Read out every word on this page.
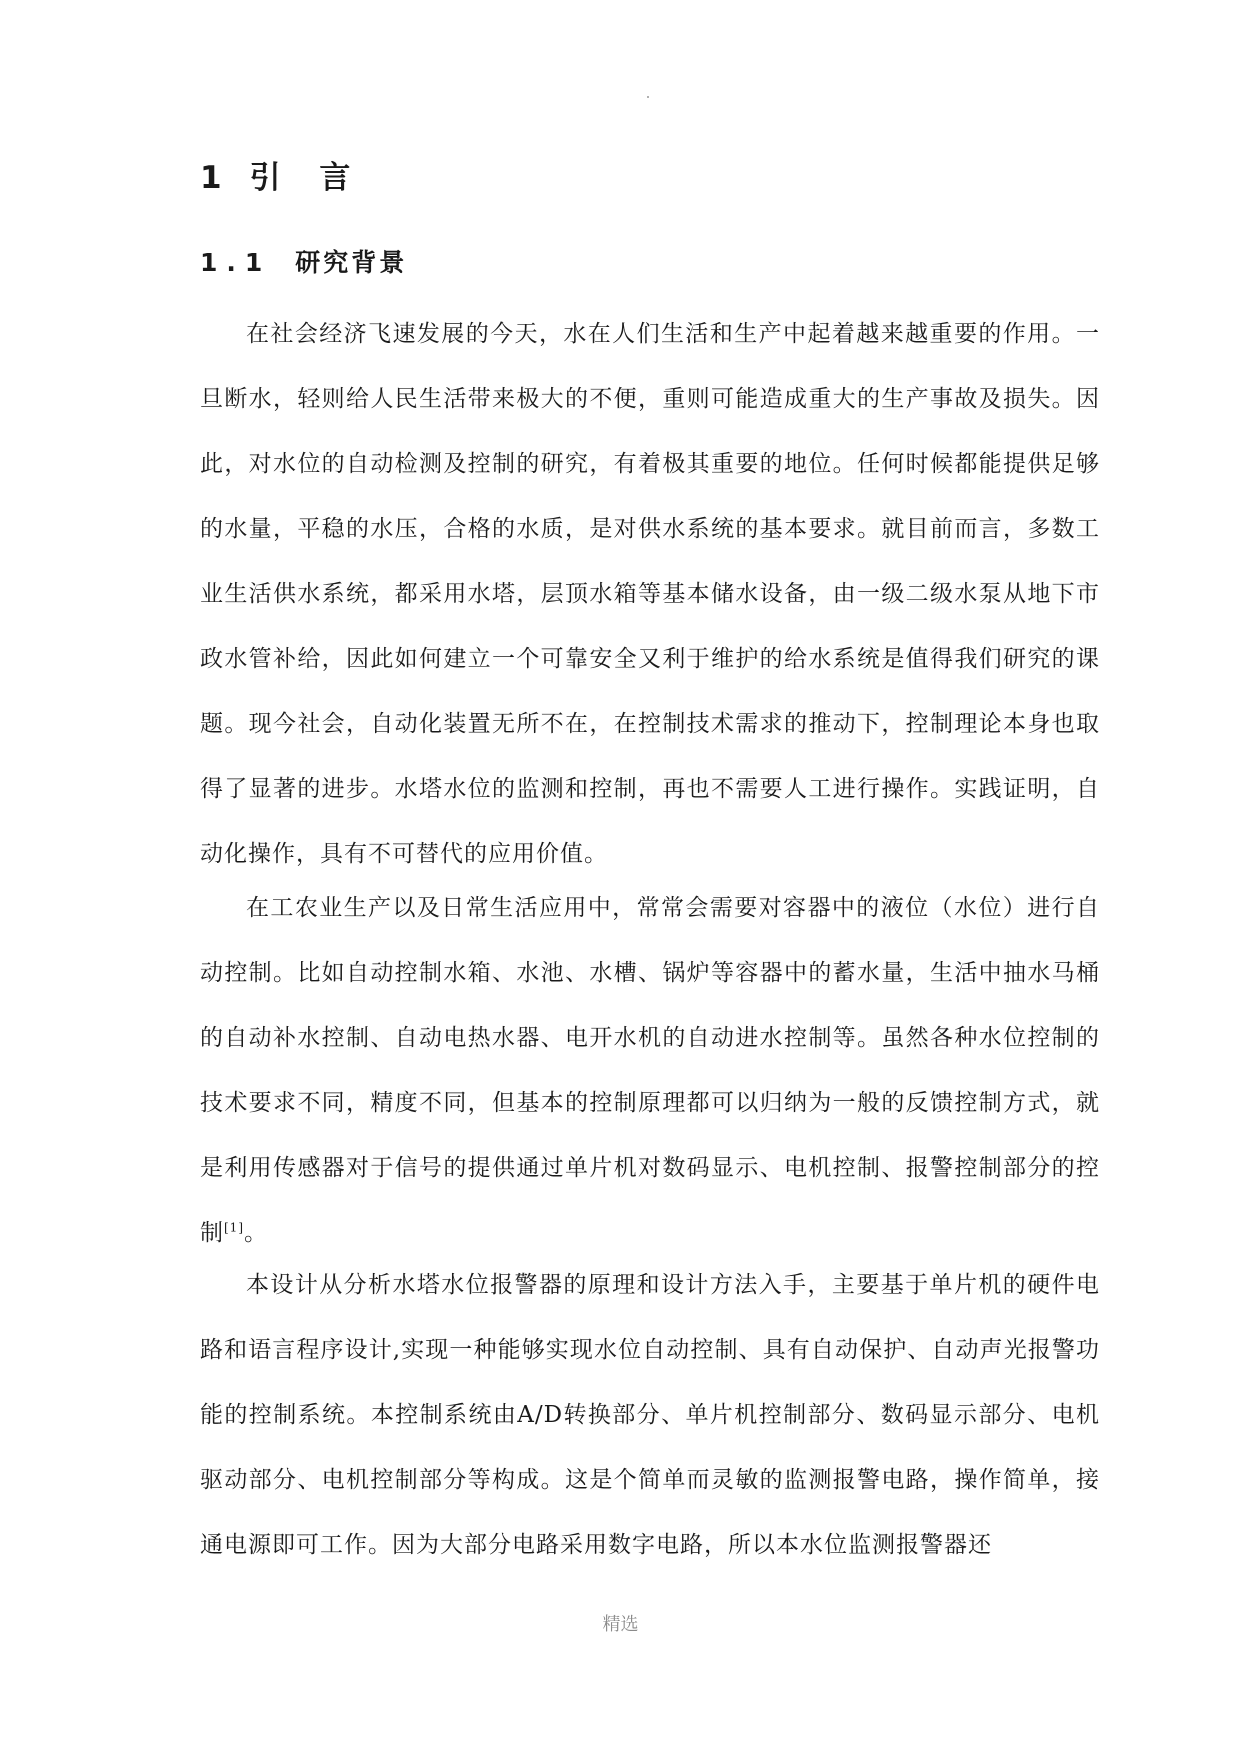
1 引 言
1.1 研究背景

在社会经济飞速发展的今天，水在人们生活和生产中起着越来越重要的作用。一旦断水，轻则给人民生活带来极大的不便，重则可能造成重大的生产事故及损失。因此，对水位的自动检测及控制的研究，有着极其重要的地位。任何时候都能提供足够的水量，平稳的水压，合格的水质，是对供水系统的基本要求。就目前而言，多数工业生活供水系统，都采用水塔，层顶水箱等基本储水设备，由一级二级水泵从地下市政水管补给，因此如何建立一个可靠安全又利于维护的给水系统是值得我们研究的课题。现今社会，自动化装置无所不在，在控制技术需求的推动下，控制理论本身也取得了显著的进步。水塔水位的监测和控制，再也不需要人工进行操作。实践证明，自动化操作，具有不可替代的应用价值。

在工农业生产以及日常生活应用中，常常会需要对容器中的液位（水位）进行自动控制。比如自动控制水箱、水池、水槽、锅炉等容器中的蓄水量，生活中抽水马桶的自动补水控制、自动电热水器、电开水机的自动进水控制等。虽然各种水位控制的技术要求不同，精度不同，但基本的控制原理都可以归纳为一般的反馈控制方式，就是利用传感器对于信号的提供通过单片机对数码显示、电机控制、报警控制部分的控制[1]。

本设计从分析水塔水位报警器的原理和设计方法入手，主要基于单片机的硬件电路和语言程序设计,实现一种能够实现水位自动控制、具有自动保护、自动声光报警功能的控制系统。本控制系统由A/D转换部分、单片机控制部分、数码显示部分、电机驱动部分、电机控制部分等构成。这是个简单而灵敏的监测报警电路，操作简单，接通电源即可工作。因为大部分电路采用数字电路，所以本水位监测报警器还

精选
